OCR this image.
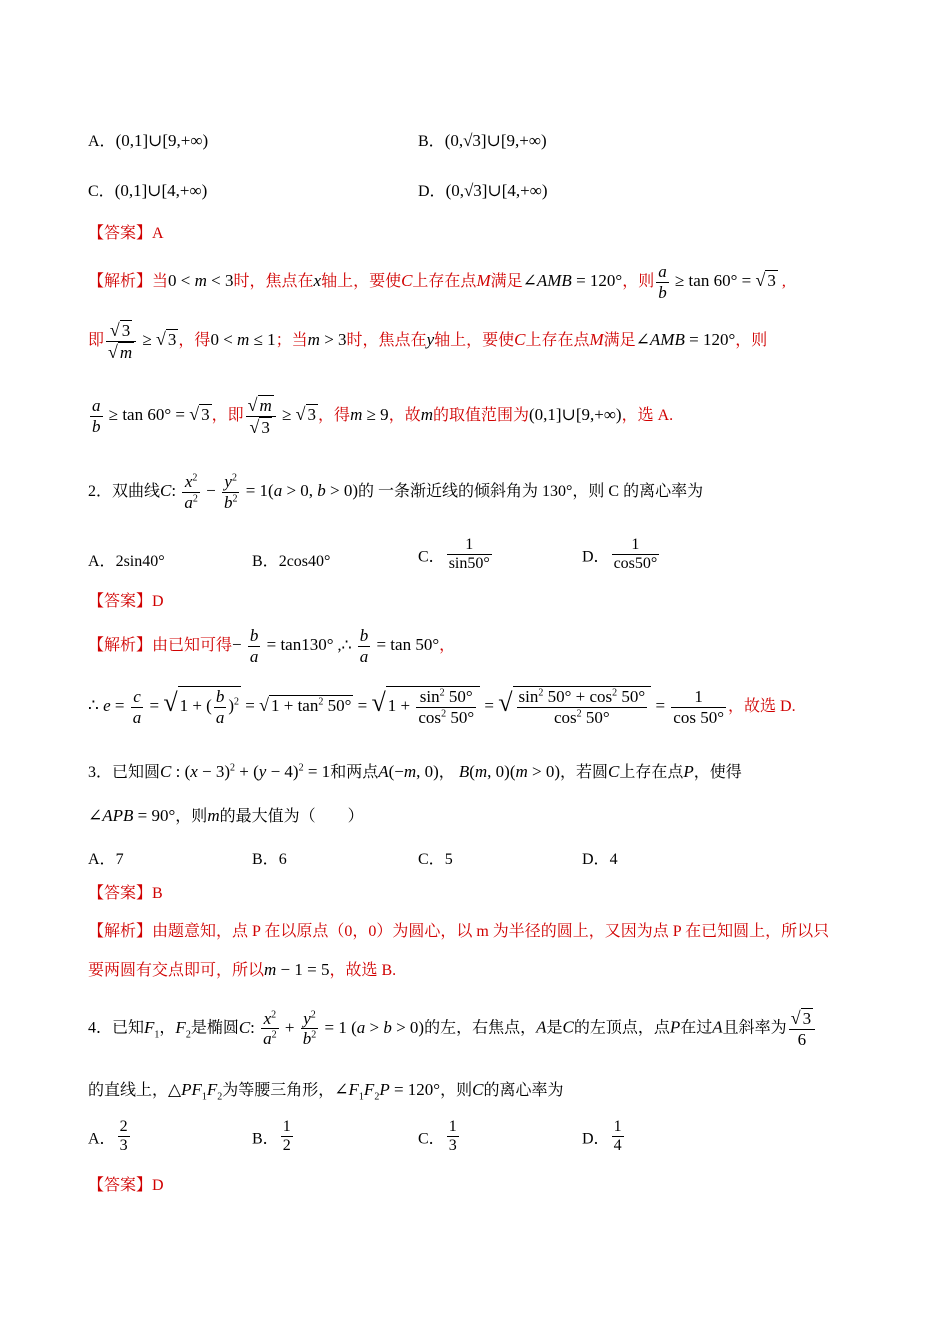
A．(0,1]∪[9,+∞)	B．(0,√3]∪[9,+∞)
C．(0,1]∪[4,+∞)	D．(0,√3]∪[4,+∞)
【答案】A
【解析】当0 < m < 3时，焦点在x轴上，要使C上存在点M满足∠AMB = 120°，则 $\frac{a}{b} \ge \tan 60^\circ$ = √ 3 ,
即 $\frac{√ 3}{√ m}$ ≥ √ 3 ，得0 < m ≤ 1；当m > 3时，焦点在y轴上，要使C上存在点M满足∠AMB = 120°，则
$\frac{a}{b} \ge \tan 60^\circ$ = √ 3 ，即 $\frac{√ m}{√ 3}$ ≥ √ 3 ，得m ≥ 9，故m的取值范围为(0,1]∪[9,+∞)，选 A.
2．双曲线C: $\frac{x^2}{a^2} - \frac{y^2}{b^2} = 1(a > 0$, b > 0)的 一条渐近线的倾斜角为 130°，则 C 的离心率为
A．2sin40°	B．2cos40°	C． $\frac{1}{\sin 50^\circ}$	D． $\frac{1}{\cos 50^\circ}$
【答案】D
【解析】由已知可得− $\frac{b}{a} = \tan 130^\circ$ ,∴ $\frac{b}{a} = \tan 50^\circ$，
∴ $e = \frac{c}{a}$ = √ 1 + ( $\frac{b}{a} )^2$ = √ $1 + \tan^2 50^\circ$ = √ $1 + \frac{\sin^2 50^\circ}{\cos^2 50^\circ}$ = √ $\frac{\sin^2 50^\circ + \cos^2 50^\circ}{\cos^2 50^\circ} = \frac{1}{\cos 50^\circ}$ ，故选 D.
3．已知圆C : $(x - 3)^2 + (y - 4)^2 = 1$和两点A(−m, 0)， B(m, 0)(m > 0)，若圆C上存在点P，使得
∠APB = 90°，则m的最大值为（　　）
A．7	B．6	C．5	D．4
【答案】B
【解析】由题意知，点 P 在以原点（0，0）为圆心，以 m 为半径的圆上，又因为点 P 在已知圆上，所以只
要两圆有交点即可，所以m − 1 = 5，故选 B.
4．已知$F_1$，$F_2$是椭圆C: $\frac{x^2}{a^2} + \frac{y^2}{b^2} = 1$ (a > b > 0)的左，右焦点，A是C的左顶点，点P在过A且斜率为 $\frac{√ 3}{6}$
的直线上，$\triangle PF_1F_2$为等腰三角形，$\angle F_1F_2P = 120^\circ$，则C的离心率为
A． $\frac{2}{3}$	B． $\frac{1}{2}$	C． $\frac{1}{3}$	D． $\frac{1}{4}$
【答案】D
